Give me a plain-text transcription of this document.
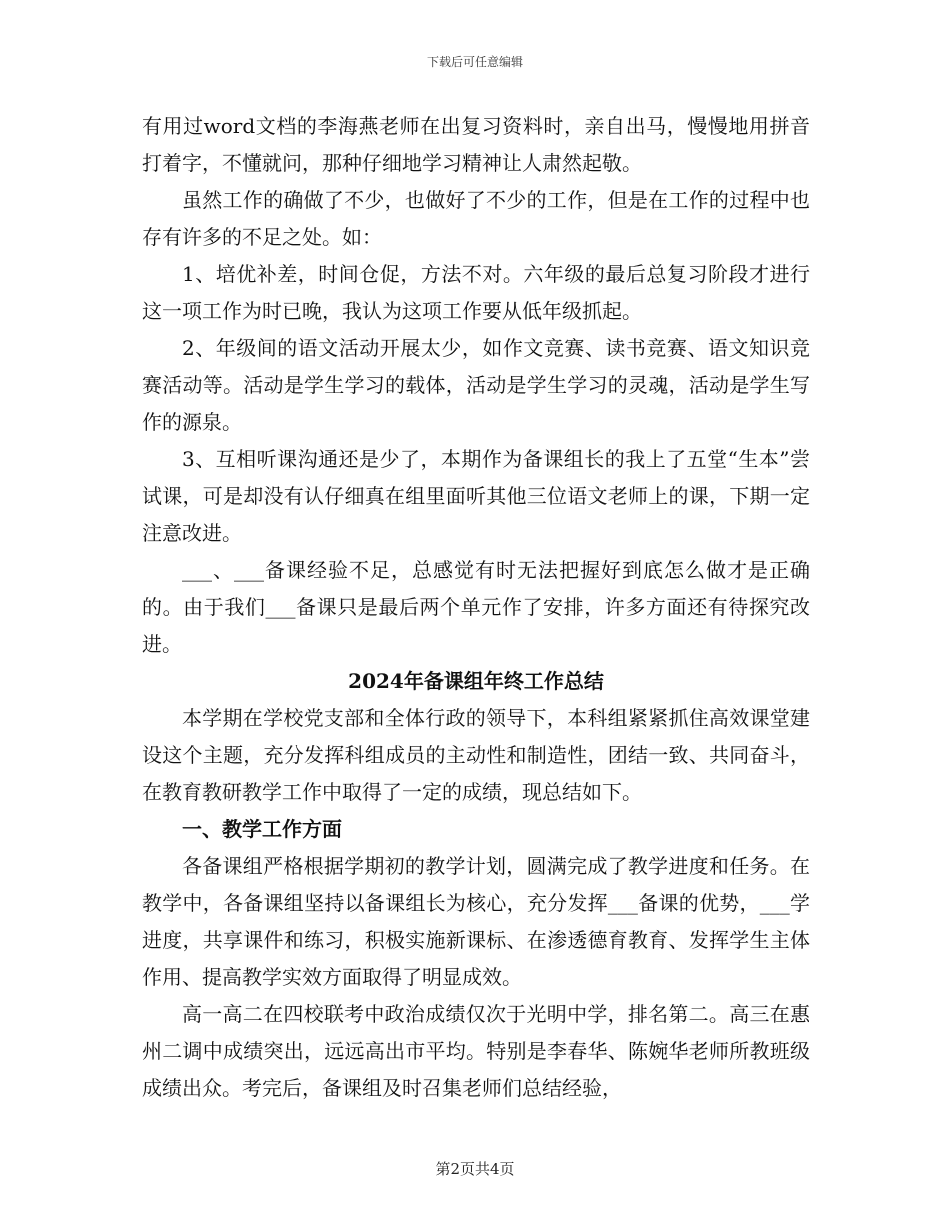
下载后可任意编辑

有用过word文档的李海燕老师在出复习资料时，亲自出马，慢慢地用拼音打着字，不懂就问，那种仔细地学习精神让人肃然起敬。

虽然工作的确做了不少，也做好了不少的工作，但是在工作的过程中也存有许多的不足之处。如：

1、培优补差，时间仓促，方法不对。六年级的最后总复习阶段才进行这一项工作为时已晚，我认为这项工作要从低年级抓起。

2、年级间的语文活动开展太少，如作文竞赛、读书竞赛、语文知识竞赛活动等。活动是学生学习的载体，活动是学生学习的灵魂，活动是学生写作的源泉。

3、互相听课沟通还是少了，本期作为备课组长的我上了五堂“生本”尝试课，可是却没有认仔细真在组里面听其他三位语文老师上的课，下期一定注意改进。

___、___备课经验不足，总感觉有时无法把握好到底怎么做才是正确的。由于我们___备课只是最后两个单元作了安排，许多方面还有待探究改进。

2024年备课组年终工作总结

本学期在学校党支部和全体行政的领导下，本科组紧紧抓住高效课堂建设这个主题，充分发挥科组成员的主动性和制造性，团结一致、共同奋斗，在教育教研教学工作中取得了一定的成绩，现总结如下。

一、教学工作方面

各备课组严格根据学期初的教学计划，圆满完成了教学进度和任务。在教学中，各备课组坚持以备课组长为核心，充分发挥___备课的优势，___学进度，共享课件和练习，积极实施新课标、在渗透德育教育、发挥学生主体作用、提高教学实效方面取得了明显成效。

高一高二在四校联考中政治成绩仅次于光明中学，排名第二。高三在惠州二调中成绩突出，远远高出市平均。特别是李春华、陈婉华老师所教班级成绩出众。考完后，备课组及时召集老师们总结经验，

第2页共4页
